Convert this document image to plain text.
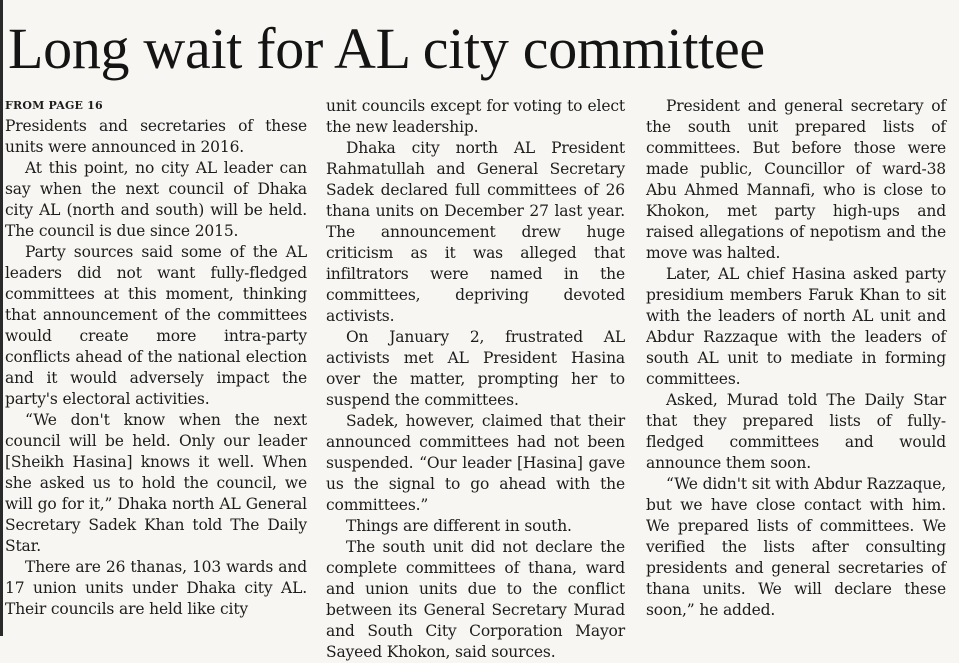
Long wait for AL city committee
FROM PAGE 16

Presidents and secretaries of these units were announced in 2016.

At this point, no city AL leader can say when the next council of Dhaka city AL (north and south) will be held. The council is due since 2015.

Party sources said some of the AL leaders did not want fully-fledged committees at this moment, thinking that announcement of the committees would create more intra-party conflicts ahead of the national election and it would adversely impact the party's electoral activities.

“We don't know when the next council will be held. Only our leader [Sheikh Hasina] knows it well. When she asked us to hold the council, we will go for it,” Dhaka north AL General Secretary Sadek Khan told The Daily Star.

There are 26 thanas, 103 wards and 17 union units under Dhaka city AL. Their councils are held like city

unit councils except for voting to elect the new leadership.

Dhaka city north AL President Rahmatullah and General Secretary Sadek declared full committees of 26 thana units on December 27 last year. The announcement drew huge criticism as it was alleged that infiltrators were named in the committees, depriving devoted activists.

On January 2, frustrated AL activists met AL President Hasina over the matter, prompting her to suspend the committees.

Sadek, however, claimed that their announced committees had not been suspended. “Our leader [Hasina] gave us the signal to go ahead with the committees.”

Things are different in south.

The south unit did not declare the complete committees of thana, ward and union units due to the conflict between its General Secretary Murad and South City Corporation Mayor Sayeed Khokon, said sources.

President and general secretary of the south unit prepared lists of committees. But before those were made public, Councillor of ward-38 Abu Ahmed Mannafi, who is close to Khokon, met party high-ups and raised allegations of nepotism and the move was halted.

Later, AL chief Hasina asked party presidium members Faruk Khan to sit with the leaders of north AL unit and Abdur Razzaque with the leaders of south AL unit to mediate in forming committees.

Asked, Murad told The Daily Star that they prepared lists of fully-fledged committees and would announce them soon.

“We didn't sit with Abdur Razzaque, but we have close contact with him. We prepared lists of committees. We verified the lists after consulting presidents and general secretaries of thana units. We will declare these soon,” he added.
